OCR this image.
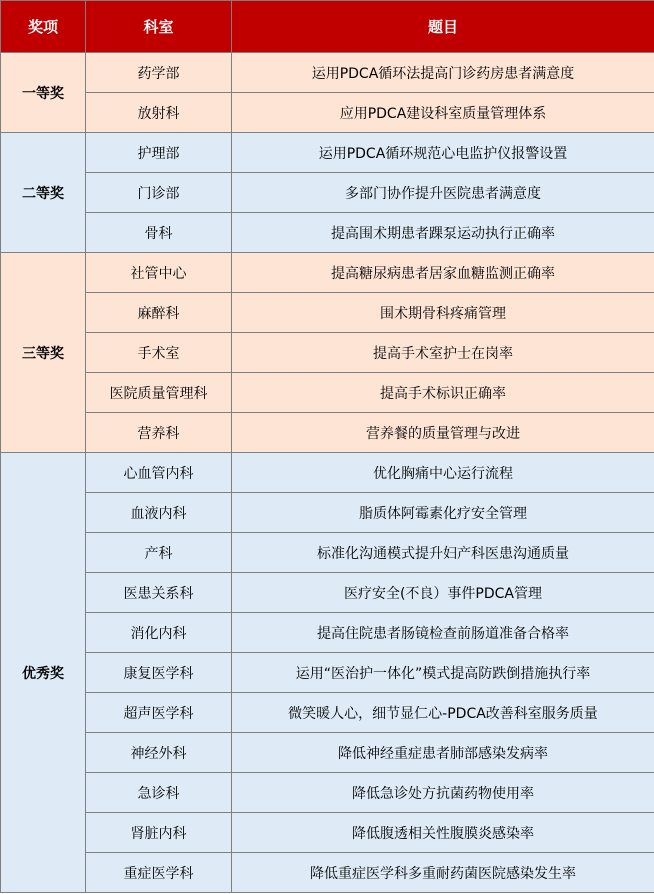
奖项	科室	题目
一等奖	药学部	运用PDCA循环法提高门诊药房患者满意度
	放射科	应用PDCA建设科室质量管理体系
二等奖	护理部	运用PDCA循环规范心电监护仪报警设置
	门诊部	多部门协作提升医院患者满意度
	骨科	提高围术期患者踝泵运动执行正确率
三等奖	社管中心	提高糖尿病患者居家血糖监测正确率
	麻醉科	围术期骨科疼痛管理
	手术室	提高手术室护士在岗率
	医院质量管理科	提高手术标识正确率
	营养科	营养餐的质量管理与改进
优秀奖	心血管内科	优化胸痛中心运行流程
	血液内科	脂质体阿霉素化疗安全管理
	产科	标准化沟通模式提升妇产科医患沟通质量
	医患关系科	医疗安全(不良）事件PDCA管理
	消化内科	提高住院患者肠镜检查前肠道准备合格率
	康复医学科	运用“医治护一体化”模式提高防跌倒措施执行率
	超声医学科	微笑暖人心，细节显仁心-PDCA改善科室服务质量
	神经外科	降低神经重症患者肺部感染发病率
	急诊科	降低急诊处方抗菌药物使用率
	肾脏内科	降低腹透相关性腹膜炎感染率
	重症医学科	降低重症医学科多重耐药菌医院感染发生率
